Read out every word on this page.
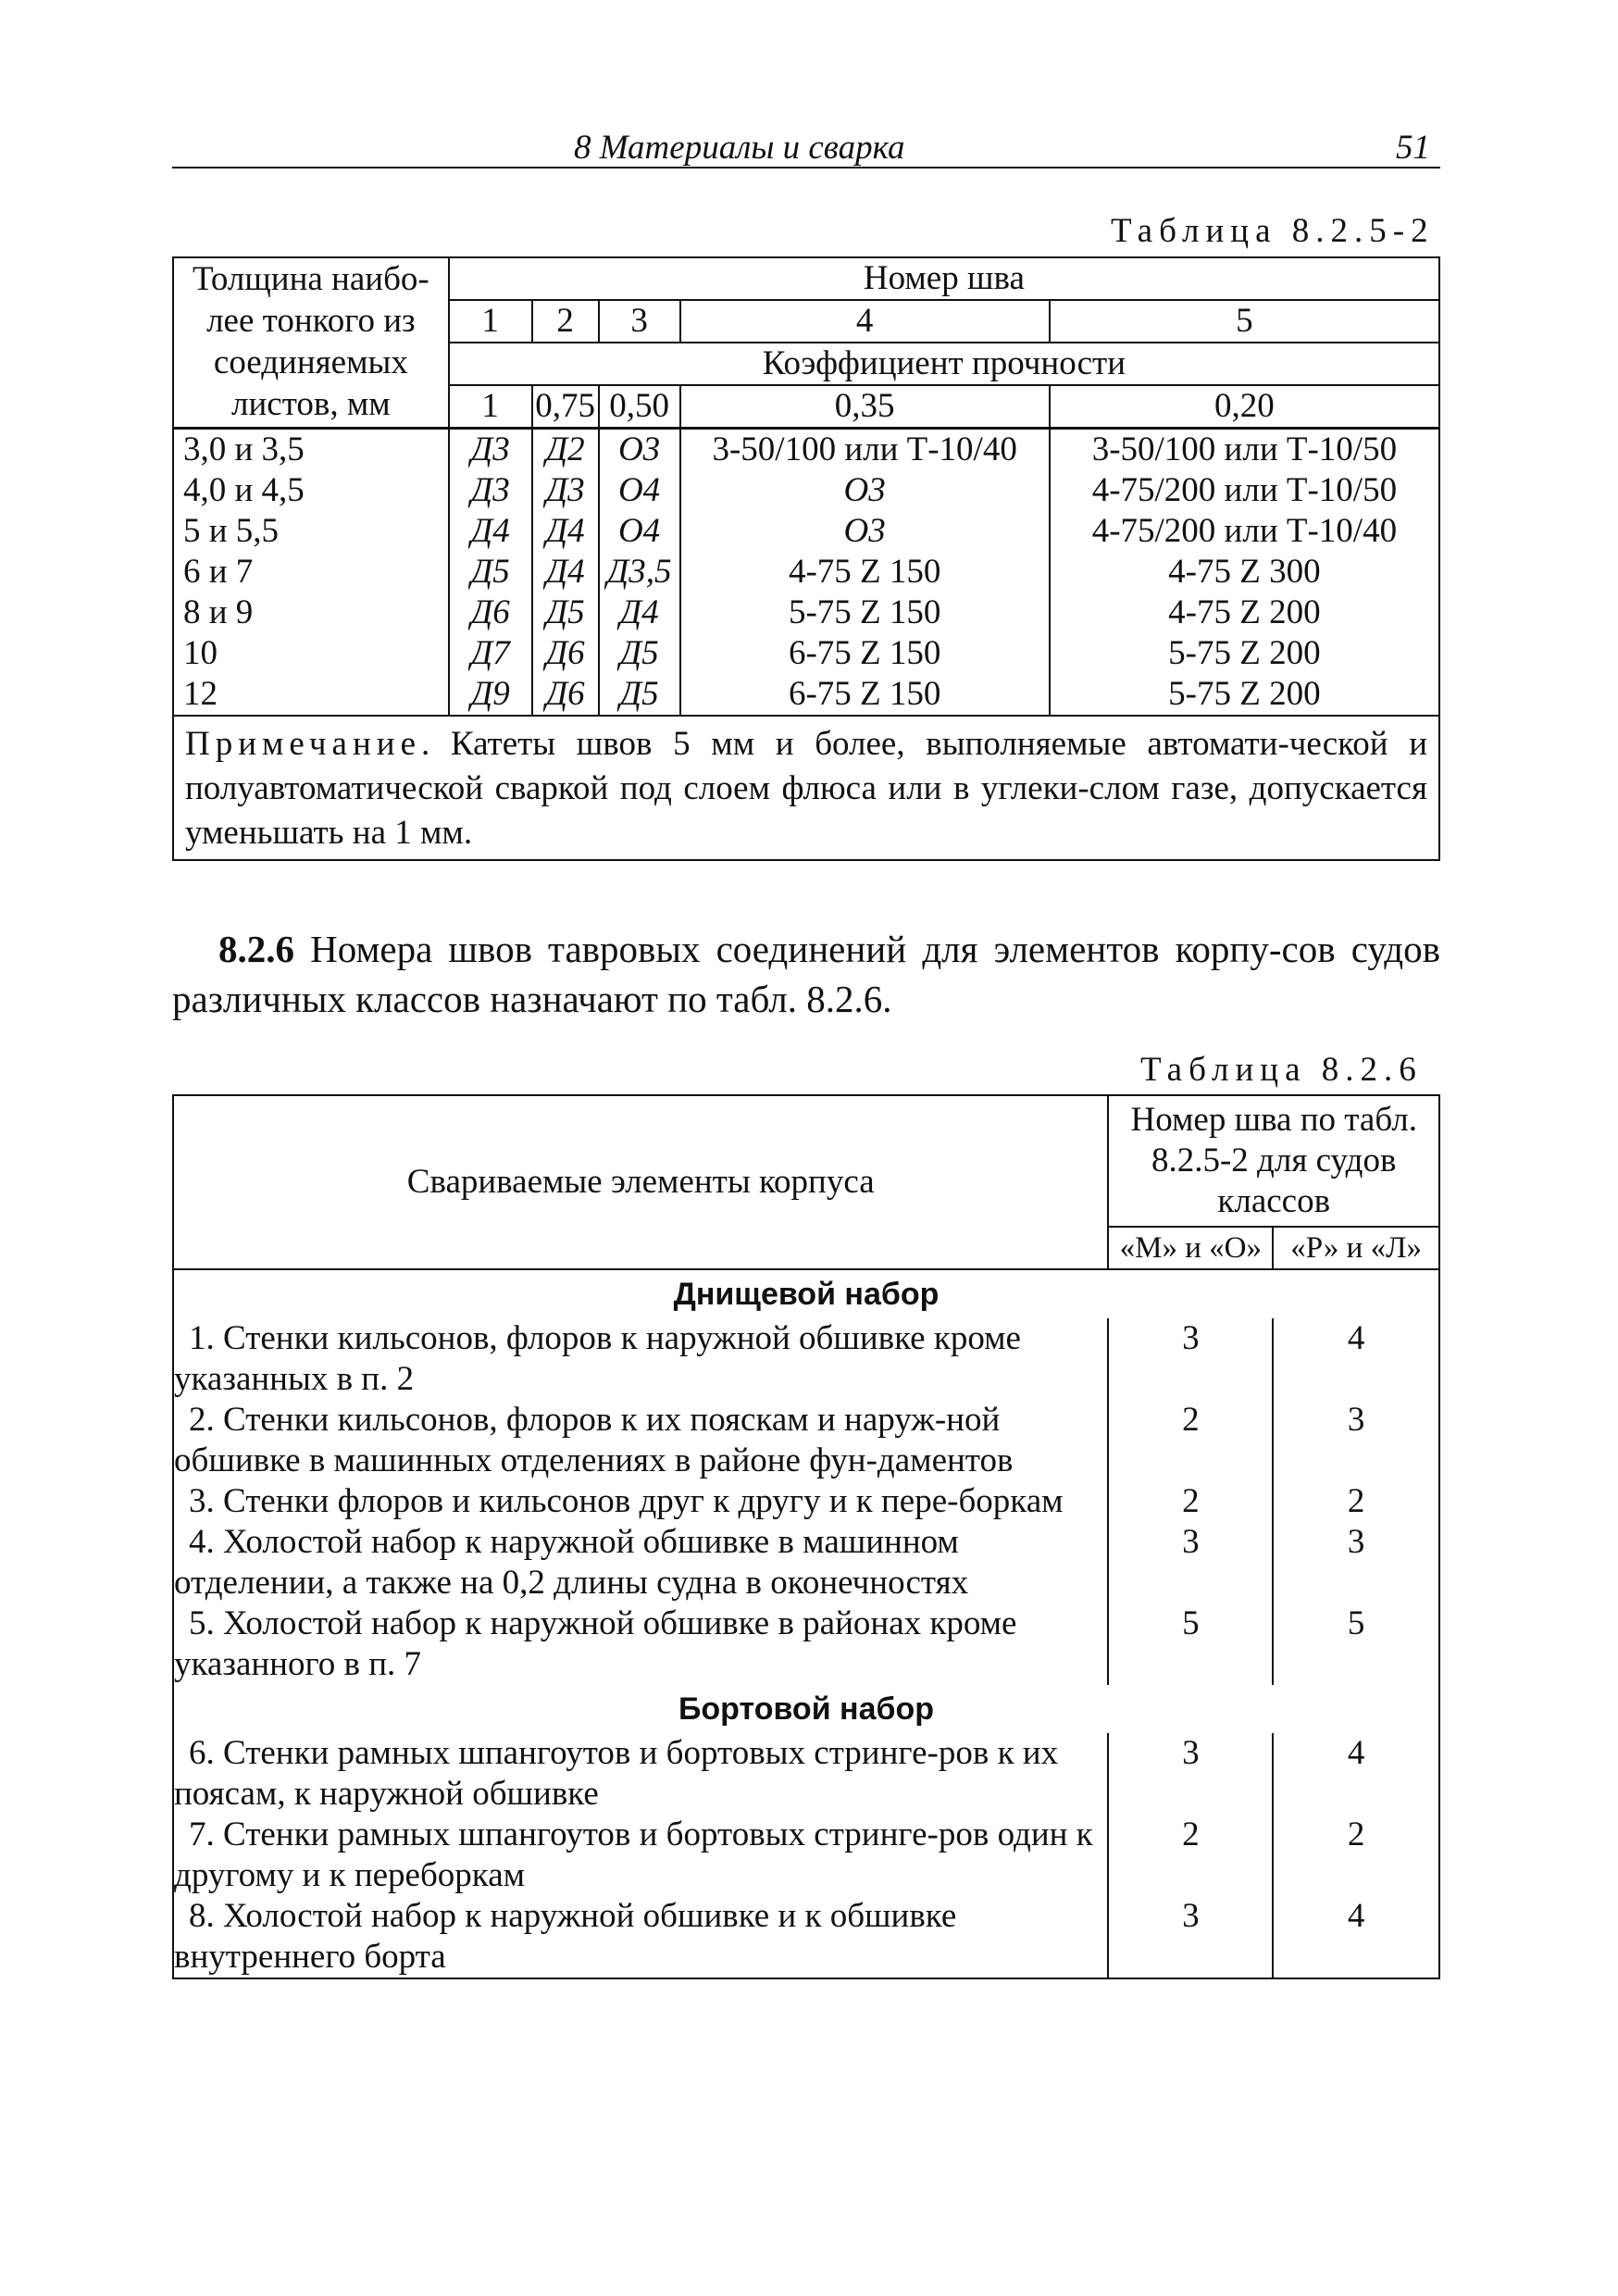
8 Материалы и сварка	51
Таблица 8.2.5-2
Толщина наибо-
лее тонкого из
соединяемых
листов, мм	Номер шва				
	1	2	3	4	5
	Коэффициент прочности				
	1	0,75	0,50	0,35	0,20
3,0 и 3,5	Д3	Д2	О3	3-50/100 или Т-10/40	3-50/100 или Т-10/50
4,0 и 4,5	Д3	Д3	О4	О3	4-75/200 или Т-10/50
5 и 5,5	Д4	Д4	О4	О3	4-75/200 или Т-10/40
6 и 7	Д5	Д4	Д3,5	4-75 Z 150	4-75 Z 300
8 и 9	Д6	Д5	Д4	5-75 Z 150	4-75 Z 200
10	Д7	Д6	Д5	6-75 Z 150	5-75 Z 200
12	Д9	Д6	Д5	6-75 Z 150	5-75 Z 200
Примечание. Катеты швов 5 мм и более, выполняемые автомати-ческой и полуавтоматической сваркой под слоем флюса или в углеки-слом газе, допускается уменьшать на 1 мм.					
8.2.6 Номера швов тавровых соединений для элементов корпу-сов судов различных классов назначают по табл. 8.2.6.
Таблица 8.2.6
Свариваемые элементы корпуса	Номер шва по табл. 8.2.5-2 для судов классов	
	«М» и «О»	«Р» и «Л»
Днищевой набор		
1. Стенки кильсонов, флоров к наружной обшивке кроме указанных в п. 2	3	4
2. Стенки кильсонов, флоров к их пояскам и наруж-ной обшивке в машинных отделениях в районе фун-даментов	2	3
3. Стенки флоров и кильсонов друг к другу и к пере-боркам	2	2
4. Холостой набор к наружной обшивке в машинном отделении, а также на 0,2 длины судна в оконечностях	3	3
5. Холостой набор к наружной обшивке в районах кроме указанного в п. 7	5	5
Бортовой набор		
6. Стенки рамных шпангоутов и бортовых стринге-ров к их поясам, к наружной обшивке	3	4
7. Стенки рамных шпангоутов и бортовых стринге-ров один к другому и к переборкам	2	2
8. Холостой набор к наружной обшивке и к обшивке внутреннего борта	3	4
